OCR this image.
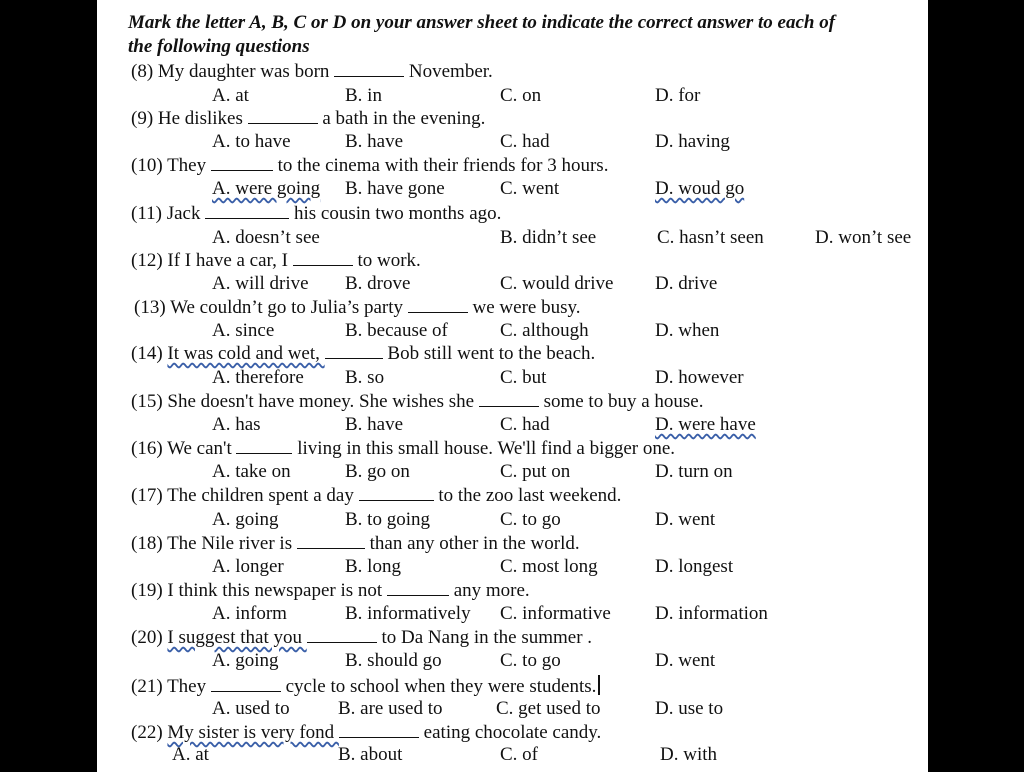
Mark the letter A, B, C or D on your answer sheet to indicate the correct answer to each of
the following questions
(8) My daughter was born	November.
A. at	B. in	C. on	D. for
(9) He dislikes	a bath in the evening.
A. to have	B. have	C. had	D. having
(10) They	to the cinema with their friends for 3 hours.
A. were going B. have gone	C. went	D. woud go
(11) Jack	his cousin two months ago.
A. doesn’t see	B. didn’t see	C. hasn’t seen	D. won’t see
(12) If I have a car, I	to work.
A. will drive B. drove	C. would drive D. drive
(13) We couldn’t go to Julia’s party	we were busy.
A. since	B. because of	C. although	D. when
(14) It was cold and wet,	Bob still went to the beach.
A. therefore B. so	C. but	D. however
(15) She doesn't have money. She wishes she	some to buy a house.
A. has	B. have	C. had	D. were have
(16) We can't	living in this small house. We'll find a bigger one.
A. take on	B. go on	C. put on	D. turn on
(17) The children spent a day	to the zoo last weekend.
A. going	B. to going	C. to go	D. went
(18) The Nile river is	than any other in the world.
A. longer	B. long	C. most long	D. longest
(19) I think this newspaper is not	any more.
A. inform	B. informatively C. informative D. information
(20) I suggest that you	to Da Nang in the summer .
A. going	B. should go	C. to go	D. went
(21) They	cycle to school when they were students.
A. used to	B. are used to	C. get used to	D. use to
(22) My sister is very fond	eating chocolate candy.
A. at	B. about	C. of	D. with
